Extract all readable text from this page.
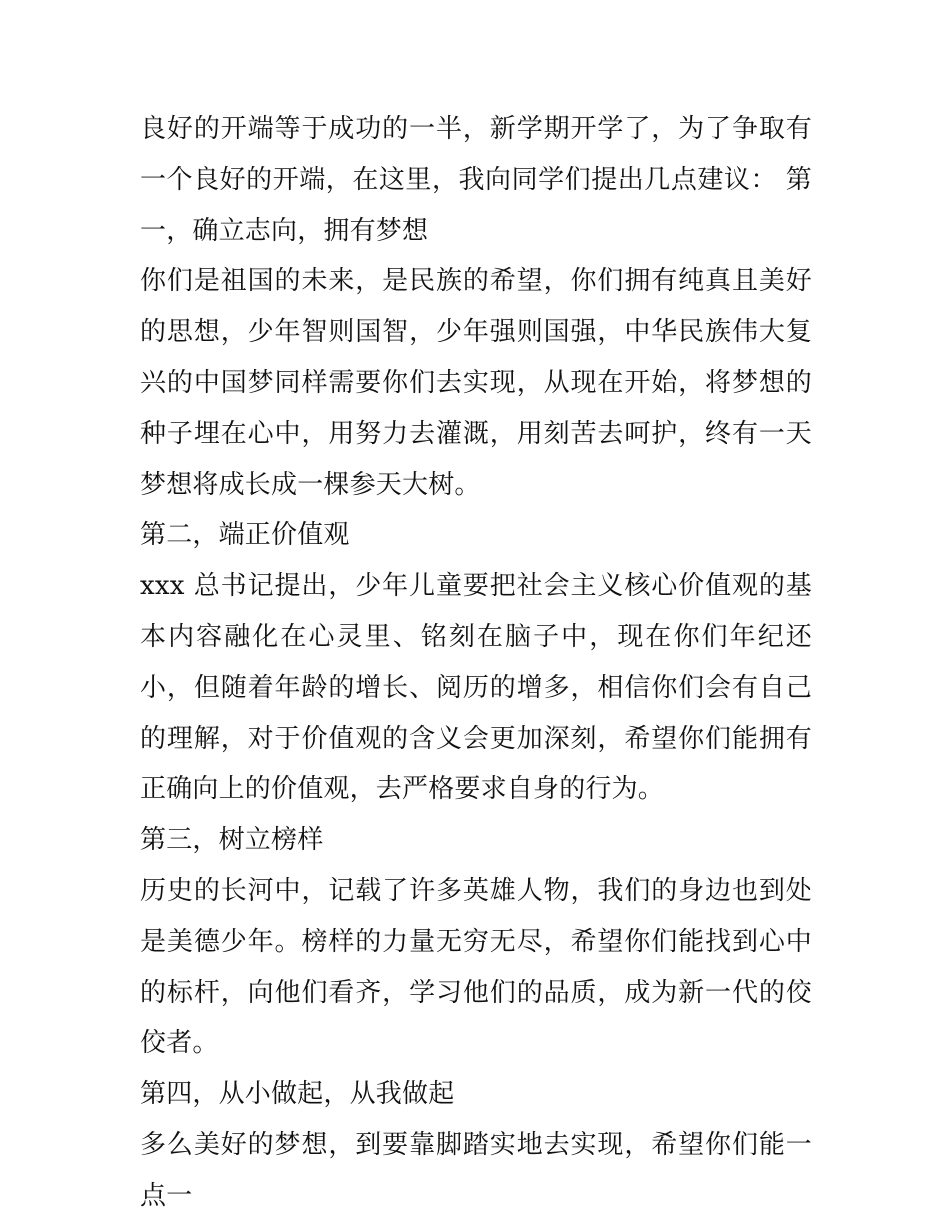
良好的开端等于成功的一半，新学期开学了，为了争取有一个良好的开端，在这里，我向同学们提出几点建议： 第一，确立志向，拥有梦想

你们是祖国的未来，是民族的希望，你们拥有纯真且美好的思想，少年智则国智，少年强则国强，中华民族伟大复兴的中国梦同样需要你们去实现，从现在开始，将梦想的种子埋在心中，用努力去灌溉，用刻苦去呵护，终有一天梦想将成长成一棵参天大树。

第二，端正价值观

xxx 总书记提出，少年儿童要把社会主义核心价值观的基本内容融化在心灵里、铭刻在脑子中，现在你们年纪还小，但随着年龄的增长、阅历的增多，相信你们会有自己的理解，对于价值观的含义会更加深刻，希望你们能拥有正确向上的价值观，去严格要求自身的行为。

第三，树立榜样

历史的长河中，记载了许多英雄人物，我们的身边也到处是美德少年。榜样的力量无穷无尽，希望你们能找到心中的标杆，向他们看齐，学习他们的品质，成为新一代的佼佼者。

第四，从小做起，从我做起

多么美好的梦想，到要靠脚踏实地去实现，希望你们能一点一
